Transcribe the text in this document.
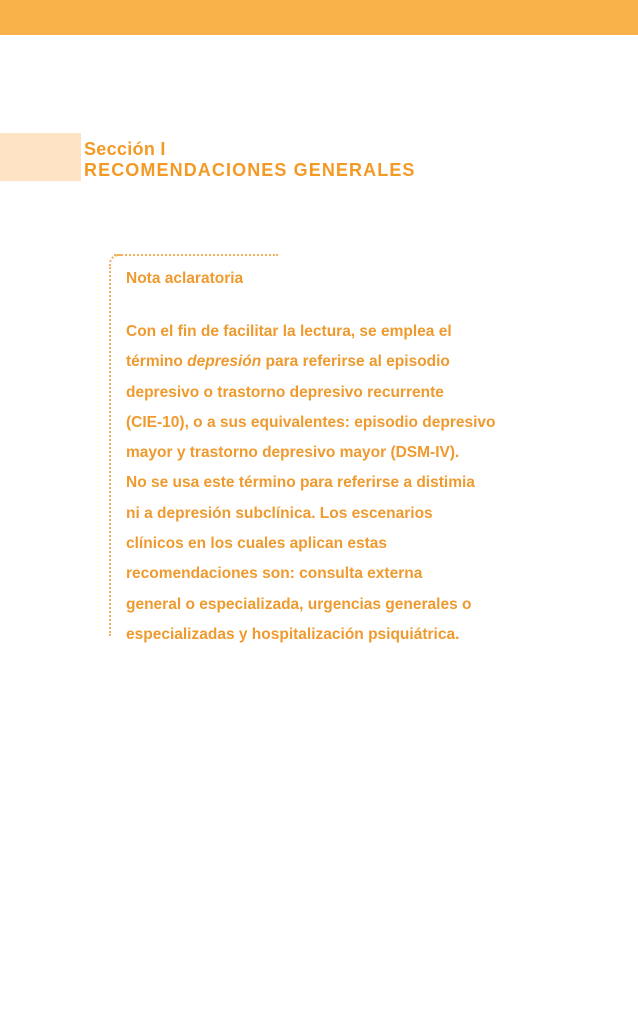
Sección I
RECOMENDACIONES GENERALES
Nota aclaratoria

Con el fin de facilitar la lectura, se emplea el
término depresión para referirse al episodio
depresivo o trastorno depresivo recurrente
(CIE-10), o a sus equivalentes: episodio depresivo
mayor y trastorno depresivo mayor (DSM-IV).
No se usa este término para referirse a distimia
ni a depresión subclínica. Los escenarios
clínicos en los cuales aplican estas
recomendaciones son: consulta externa
general o especializada, urgencias generales o
especializadas y hospitalización psiquiátrica.
